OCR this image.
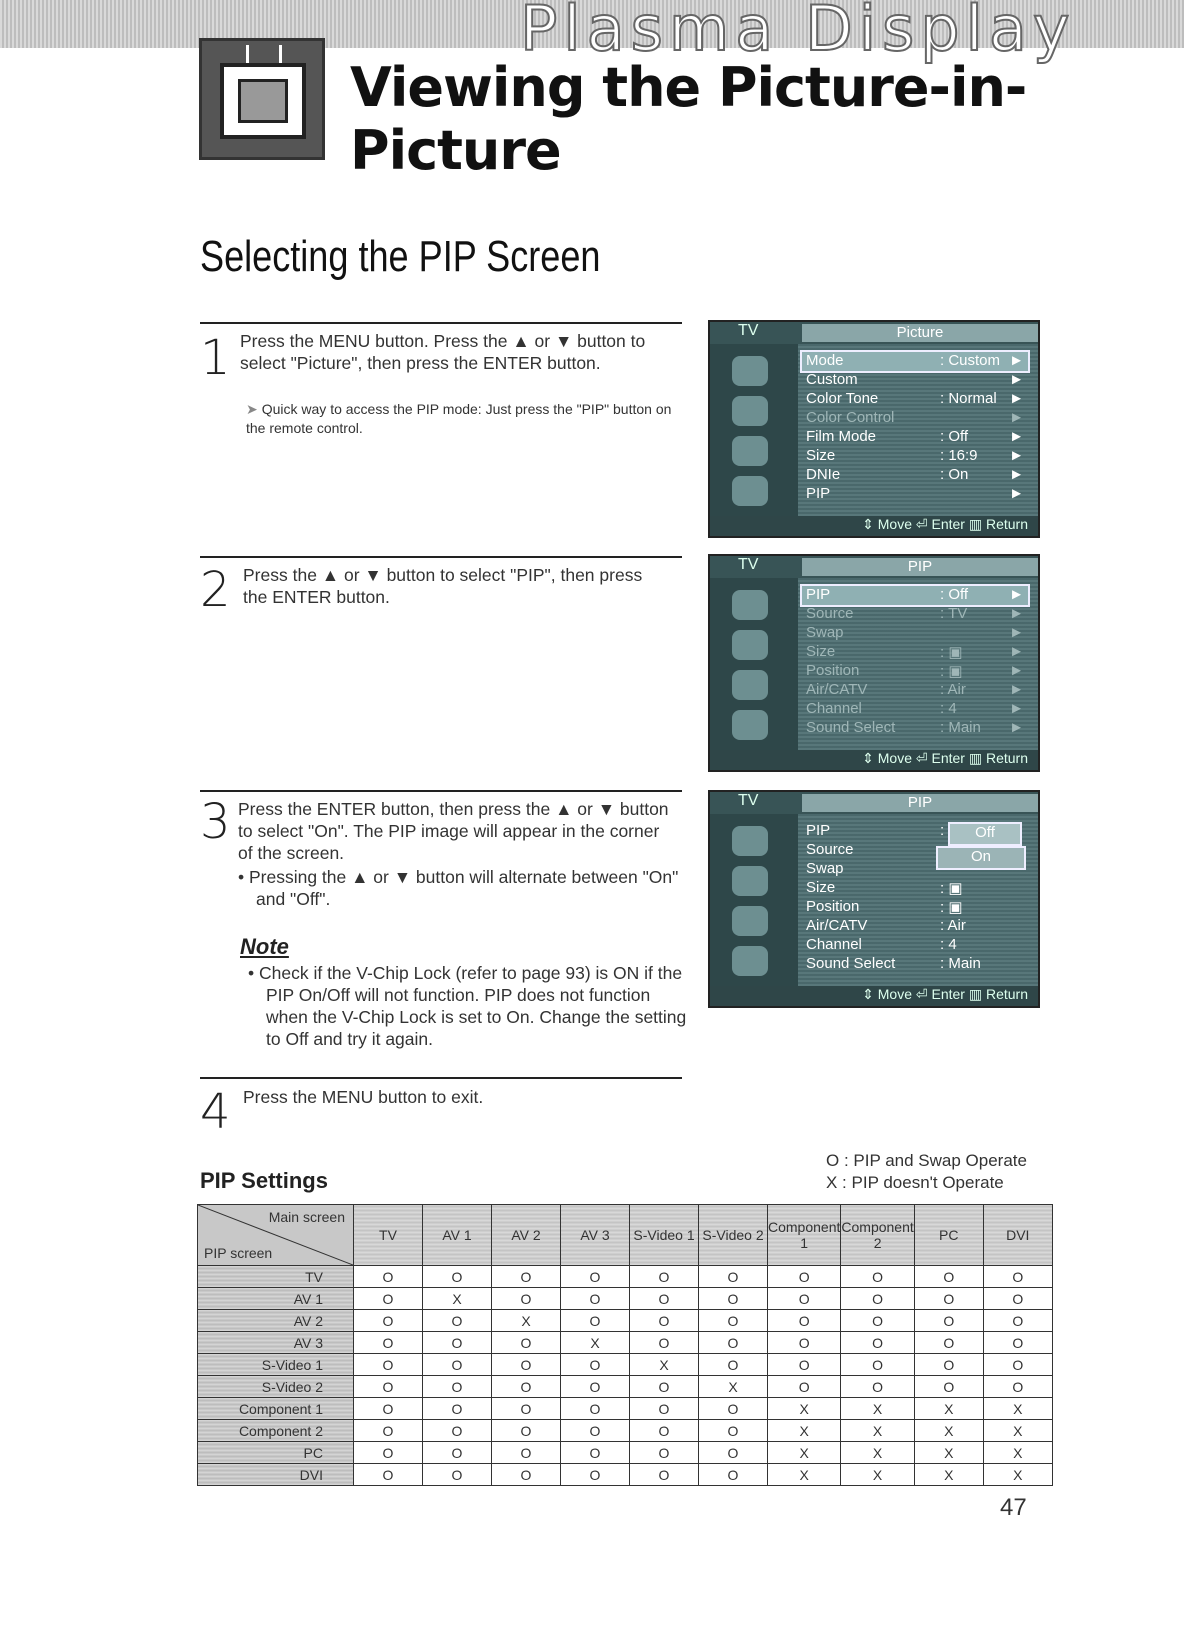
Plasma Display
Viewing the Picture-in-Picture
Selecting the PIP Screen
1 Press the MENU button. Press the ▲ or ▼ button to select "Picture", then press the ENTER button.
➤ Quick way to access the PIP mode: Just press the "PIP" button on the remote control.
2 Press the ▲ or ▼ button to select "PIP", then press the ENTER button.
3 Press the ENTER button, then press the ▲ or ▼ button to select "On". The PIP image will appear in the corner of the screen.
• Pressing the ▲ or ▼ button will alternate between "On" and "Off".
Note
• Check if the V-Chip Lock (refer to page 93) is ON if the PIP On/Off will not function. PIP does not function when the V-Chip Lock is set to On. Change the setting to Off and try it again.
4 Press the MENU button to exit.
TV	Picture
Mode	: Custom ►
Custom	►
Color Tone	: Normal ►
Color Control	►
Film Mode	: Off	►
Size	: 16:9 ►
DNIe	: On	►
PIP	►
⇕ Move ⏎ Enter ▥ Return
TV	PIP
PIP	: Off	►
Source	: TV	►
Swap	►
Size	: ▣	►
Position	: ▣	►
Air/CATV	: Air	►
Channel	: 4	►
Sound Select	: Main ►
⇕ Move ⏎ Enter ▥ Return
TV	PIP
PIP	:
Source
Swap
Size	: ▣
Position	: ▣
Air/CATV	: Air
Channel	: 4
Sound Select	: Main
Off
On
⇕ Move ⏎ Enter ▥ Return
PIP Settings
O : PIP and Swap Operate
X : PIP doesn't Operate
Main screen
PIP screen	TV	AV 1	AV 2	AV 3	S-Video 1	S-Video 2	Component 1	Component 2	PC	DVI
TV	O	O	O	O	O	O	O	O	O	O
AV 1	O	X	O	O	O	O	O	O	O	O
AV 2	O	O	X	O	O	O	O	O	O	O
AV 3	O	O	O	X	O	O	O	O	O	O
S-Video 1	O	O	O	O	X	O	O	O	O	O
S-Video 2	O	O	O	O	O	X	O	O	O	O
Component 1	O	O	O	O	O	O	X	X	X	X
Component 2	O	O	O	O	O	O	X	X	X	X
PC	O	O	O	O	O	O	X	X	X	X
DVI	O	O	O	O	O	O	X	X	X	X
47
